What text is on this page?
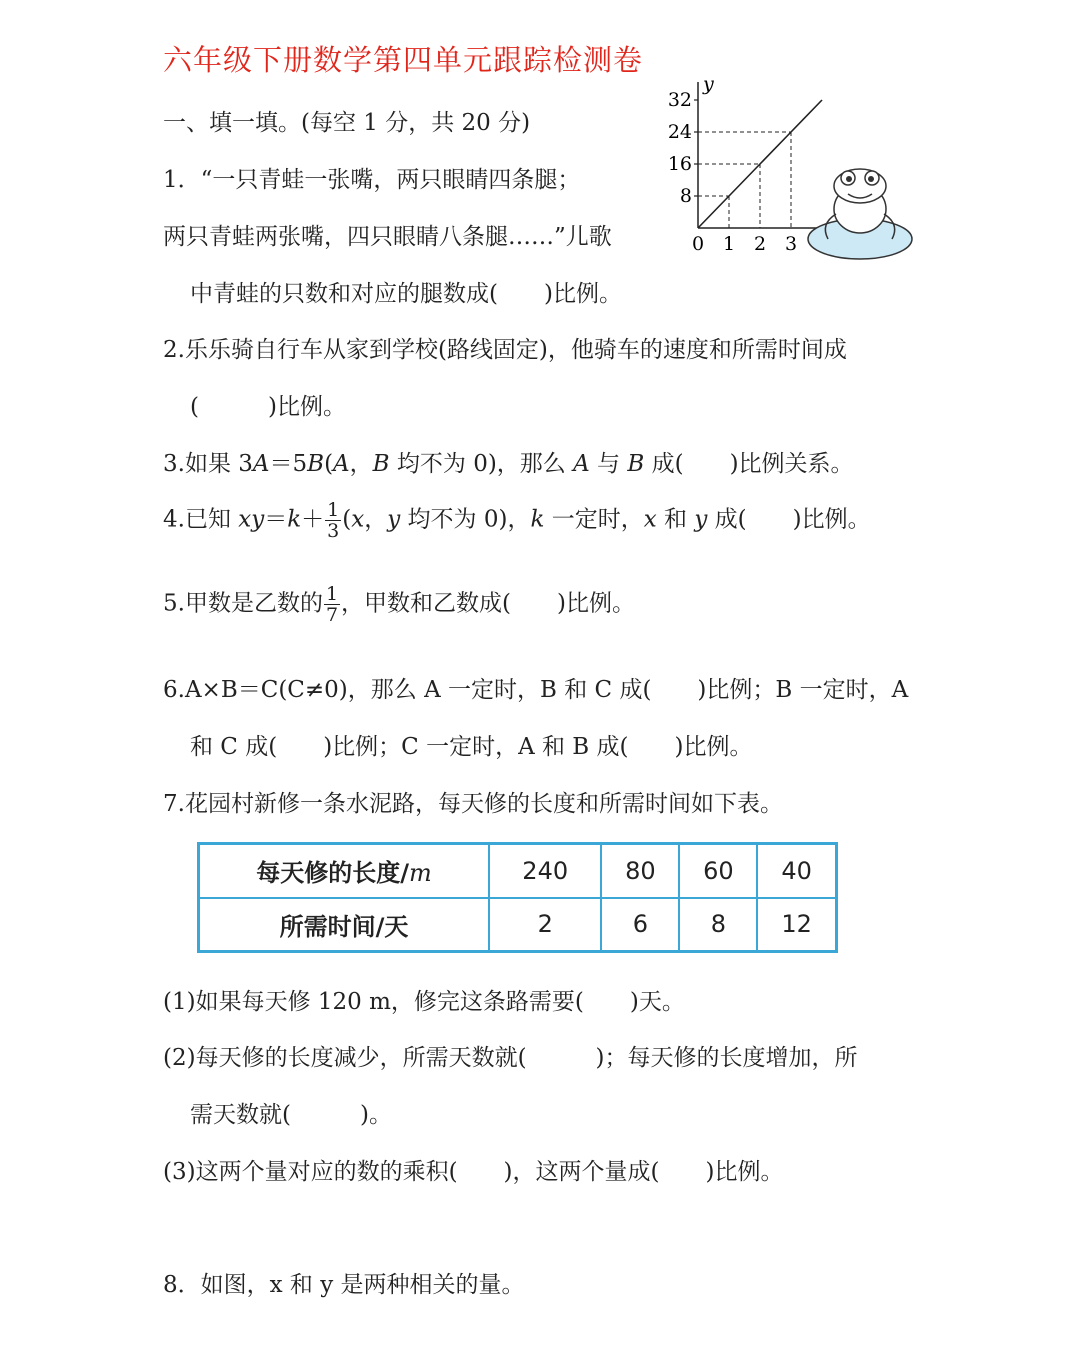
六年级下册数学第四单元跟踪检测卷
一、填一填。(每空 1 分，共 20 分)
1．“一只青蛙一张嘴，两只眼睛四条腿；
两只青蛙两张嘴，四只眼睛八条腿……”儿歌
中青蛙的只数和对应的腿数成(　　)比例。
2.乐乐骑自行车从家到学校(路线固定)，他骑车的速度和所需时间成
(　　　)比例。
3.如果 3A＝5B(A，B 均不为 0)，那么 A 与 B 成(　　)比例关系。
4.已知 $xy=k+ \frac{1}{3} (x$，y 均不为 0)，k 一定时，x 和 y 成(　　)比例。
5.甲数是乙数的 $\frac{1}{7}$ ，甲数和乙数成(　　)比例。
6.A×B＝C(C≠0)，那么 A 一定时，B 和 C 成(　　)比例；B 一定时，A
和 C 成(　　)比例；C 一定时，A 和 B 成(　　)比例。
7.花园村新修一条水泥路，每天修的长度和所需时间如下表。
每天修的长度/m	240	80	60	40
所需时间/天	2	6	8	12
(1)如果每天修 120 m，修完这条路需要(　　)天。
(2)每天修的长度减少，所需天数就(　　　)；每天修的长度增加，所
需天数就(　　　)。
(3)这两个量对应的数的乘积(　　)，这两个量成(　　)比例。
8．如图，x 和 y 是两种相关的量。
y
8
16
24
32
0 1 2 3
